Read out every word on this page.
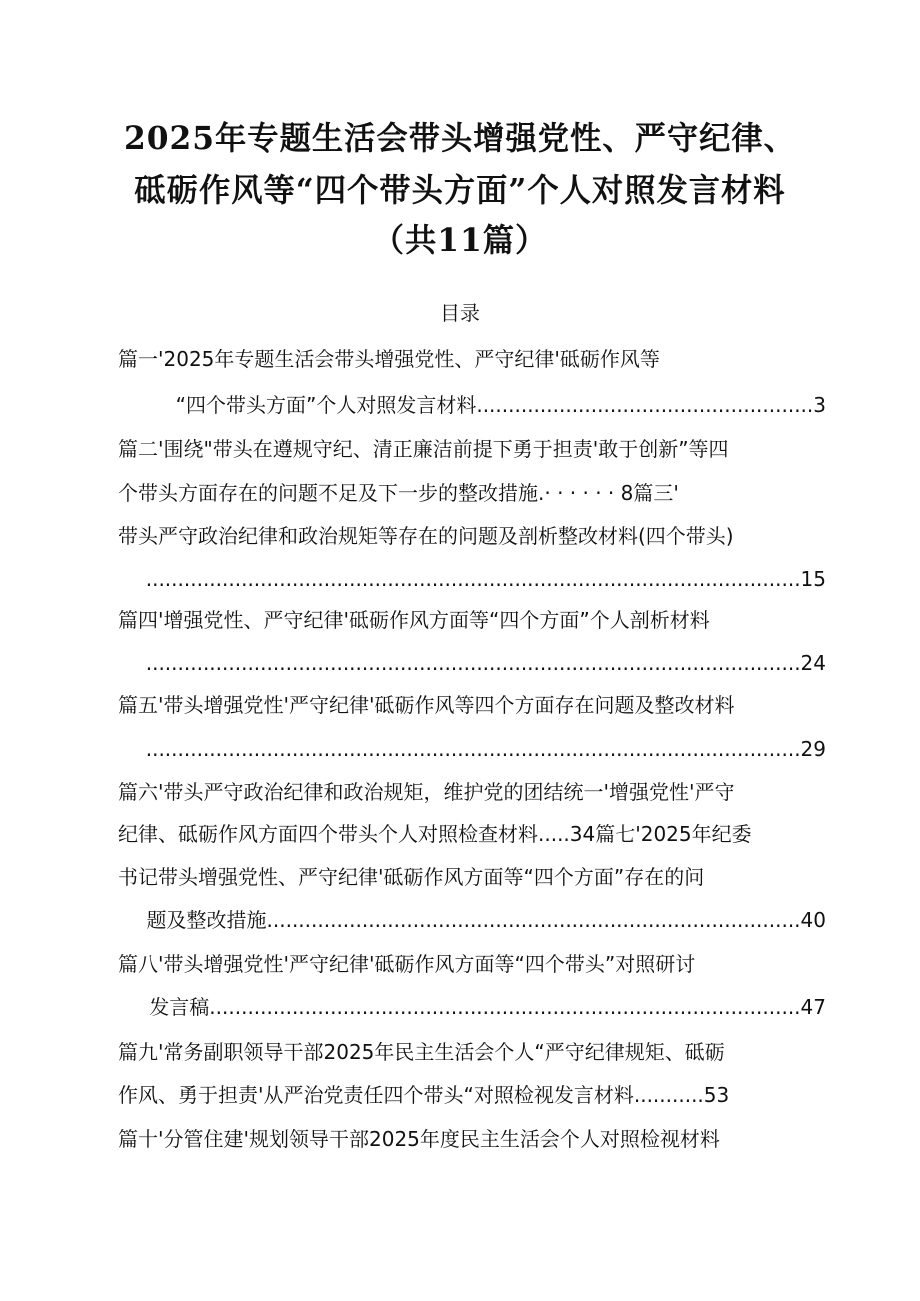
2025年专题生活会带头增强党性、严守纪律、
砥砺作风等“四个带头方面”个人对照发言材料
（共11篇）
目录
篇一'2025年专题生活会带头增强党性、严守纪律'砥砺作风等
“四个带头方面”个人对照发言材料.....................................................3
篇二'围绕"带头在遵规守纪、清正廉洁前提下勇于担责'敢于创新”等四
个带头方面存在的问题不足及下一步的整改措施.· · · · · · 8篇三'
带头严守政治纪律和政治规矩等存在的问题及剖析整改材料(四个带头)
.......................................................................................................15
篇四'增强党性、严守纪律'砥砺作风方面等“四个方面”个人剖析材料
.......................................................................................................24
篇五'带头增强党性'严守纪律'砥砺作风等四个方面存在问题及整改材料
.......................................................................................................29
篇六'带头严守政治纪律和政治规矩，维护党的团结统一'增强党性'严守
纪律、砥砺作风方面四个带头个人对照检查材料.....34篇七'2025年纪委
书记带头增强党性、严守纪律'砥砺作风方面等“四个方面”存在的问
题及整改措施....................................................................................40
篇八'带头增强党性'严守纪律'砥砺作风方面等“四个带头”对照研讨
发言稿.............................................................................................47
篇九'常务副职领导干部2025年民主生活会个人“严守纪律规矩、砥砺
作风、勇于担责'从严治党责任四个带头“对照检视发言材料...........53
篇十'分管住建'规划领导干部2025年度民主生活会个人对照检视材料
